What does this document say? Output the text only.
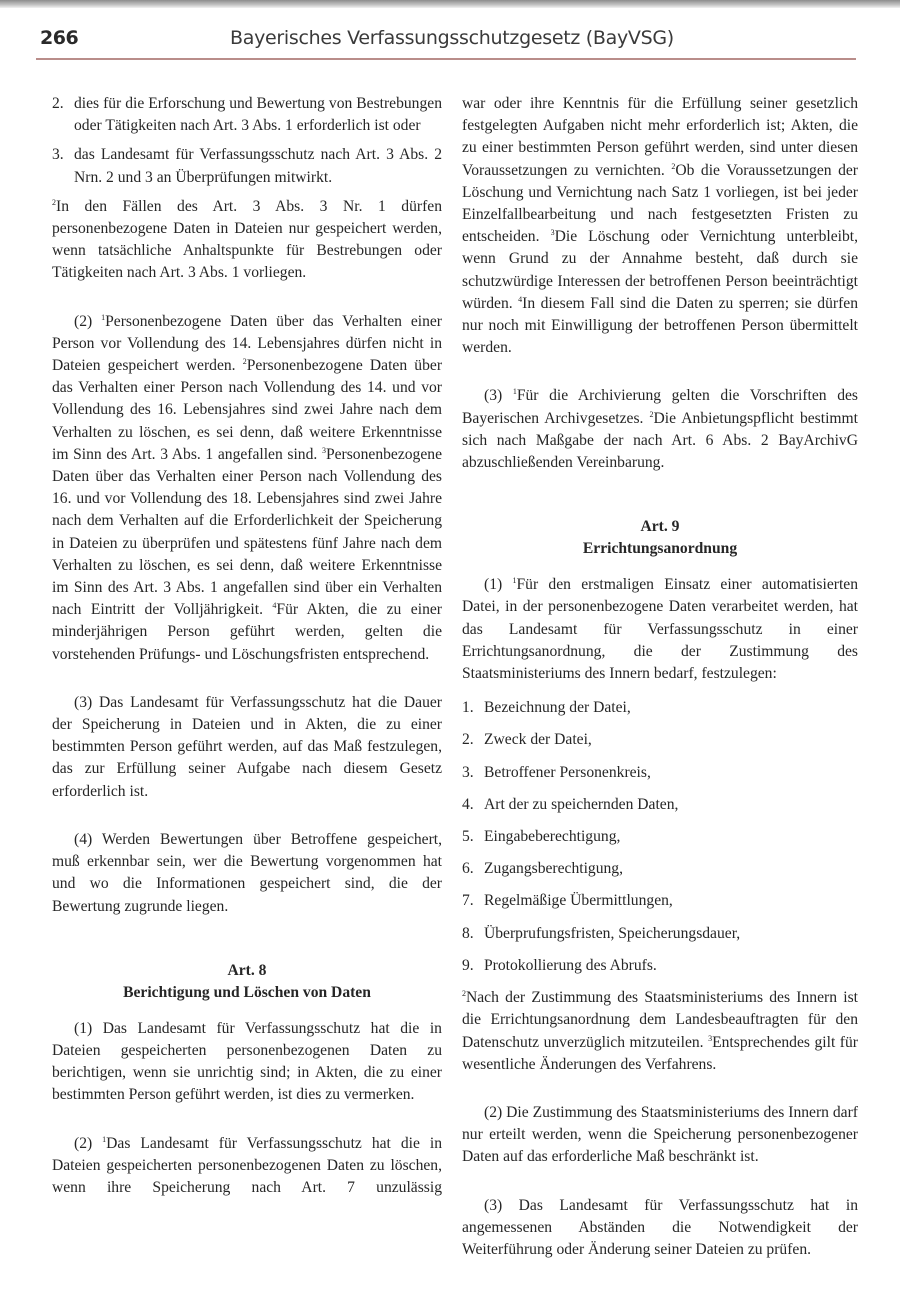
266	Bayerisches Verfassungsschutzgesetz (BayVSG)
2. dies für die Erforschung und Bewertung von Bestrebungen oder Tätigkeiten nach Art. 3 Abs. 1 erforderlich ist oder
3. das Landesamt für Verfassungsschutz nach Art. 3 Abs. 2 Nrn. 2 und 3 an Überprüfungen mitwirkt.

$^2$In den Fällen des Art. 3 Abs. 3 Nr. 1 dürfen personenbezogene Daten in Dateien nur gespeichert werden, wenn tatsächliche Anhaltspunkte für Bestrebungen oder Tätigkeiten nach Art. 3 Abs. 1 vorliegen.

(2) $^1$Personenbezogene Daten über das Verhalten einer Person vor Vollendung des 14. Lebensjahres dürfen nicht in Dateien gespeichert werden. $^2$Personenbezogene Daten über das Verhalten einer Person nach Vollendung des 14. und vor Vollendung des 16. Lebensjahres sind zwei Jahre nach dem Verhalten zu löschen, es sei denn, daß weitere Erkenntnisse im Sinn des Art. 3 Abs. 1 angefallen sind. $^3$Personenbezogene Daten über das Verhalten einer Person nach Vollendung des 16. und vor Vollendung des 18. Lebensjahres sind zwei Jahre nach dem Verhalten auf die Erforderlichkeit der Speicherung in Dateien zu überprüfen und spätestens fünf Jahre nach dem Verhalten zu löschen, es sei denn, daß weitere Erkenntnisse im Sinn des Art. 3 Abs. 1 angefallen sind über ein Verhalten nach Eintritt der Volljährigkeit. $^4$Für Akten, die zu einer minderjährigen Person geführt werden, gelten die vorstehenden Prüfungs- und Löschungsfristen entsprechend.

(3) Das Landesamt für Verfassungsschutz hat die Dauer der Speicherung in Dateien und in Akten, die zu einer bestimmten Person geführt werden, auf das Maß festzulegen, das zur Erfüllung seiner Aufgabe nach diesem Gesetz erforderlich ist.

(4) Werden Bewertungen über Betroffene gespeichert, muß erkennbar sein, wer die Bewertung vorgenommen hat und wo die Informationen gespeichert sind, die der Bewertung zugrunde liegen.

Art. 8
Berichtigung und Löschen von Daten

(1) Das Landesamt für Verfassungsschutz hat die in Dateien gespeicherten personenbezogenen Daten zu berichtigen, wenn sie unrichtig sind; in Akten, die zu einer bestimmten Person geführt werden, ist dies zu vermerken.

(2) $^1$Das Landesamt für Verfassungsschutz hat die in Dateien gespeicherten personenbezogenen Daten zu löschen, wenn ihre Speicherung nach Art. 7 unzulässig

war oder ihre Kenntnis für die Erfüllung seiner gesetzlich festgelegten Aufgaben nicht mehr erforderlich ist; Akten, die zu einer bestimmten Person geführt werden, sind unter diesen Voraussetzungen zu vernichten. $^2$Ob die Voraussetzungen der Löschung und Vernichtung nach Satz 1 vorliegen, ist bei jeder Einzelfallbearbeitung und nach festgesetzten Fristen zu entscheiden. $^3$Die Löschung oder Vernichtung unterbleibt, wenn Grund zu der Annahme besteht, daß durch sie schutzwürdige Interessen der betroffenen Person beeinträchtigt würden. $^4$In diesem Fall sind die Daten zu sperren; sie dürfen nur noch mit Einwilligung der betroffenen Person übermittelt werden.

(3) $^1$Für die Archivierung gelten die Vorschriften des Bayerischen Archivgesetzes. $^2$Die Anbietungspflicht bestimmt sich nach Maßgabe der nach Art. 6 Abs. 2 BayArchivG abzuschließenden Vereinbarung.

Art. 9
Errichtungsanordnung

(1) $^1$Für den erstmaligen Einsatz einer automatisierten Datei, in der personenbezogene Daten verarbeitet werden, hat das Landesamt für Verfassungsschutz in einer Errichtungsanordnung, die der Zustimmung des Staatsministeriums des Innern bedarf, festzulegen:

1. Bezeichnung der Datei,
2. Zweck der Datei,
3. Betroffener Personenkreis,
4. Art der zu speichernden Daten,
5. Eingabeberechtigung,
6. Zugangsberechtigung,
7. Regelmäßige Übermittlungen,
8. Überprufungsfristen, Speicherungsdauer,
9. Protokollierung des Abrufs.

$^2$Nach der Zustimmung des Staatsministeriums des Innern ist die Errichtungsanordnung dem Landesbeauftragten für den Datenschutz unverzüglich mitzuteilen. $^3$Entsprechendes gilt für wesentliche Änderungen des Verfahrens.

(2) Die Zustimmung des Staatsministeriums des Innern darf nur erteilt werden, wenn die Speicherung personenbezogener Daten auf das erforderliche Maß beschränkt ist.

(3) Das Landesamt für Verfassungsschutz hat in angemessenen Abständen die Notwendigkeit der Weiterführung oder Änderung seiner Dateien zu prüfen.
